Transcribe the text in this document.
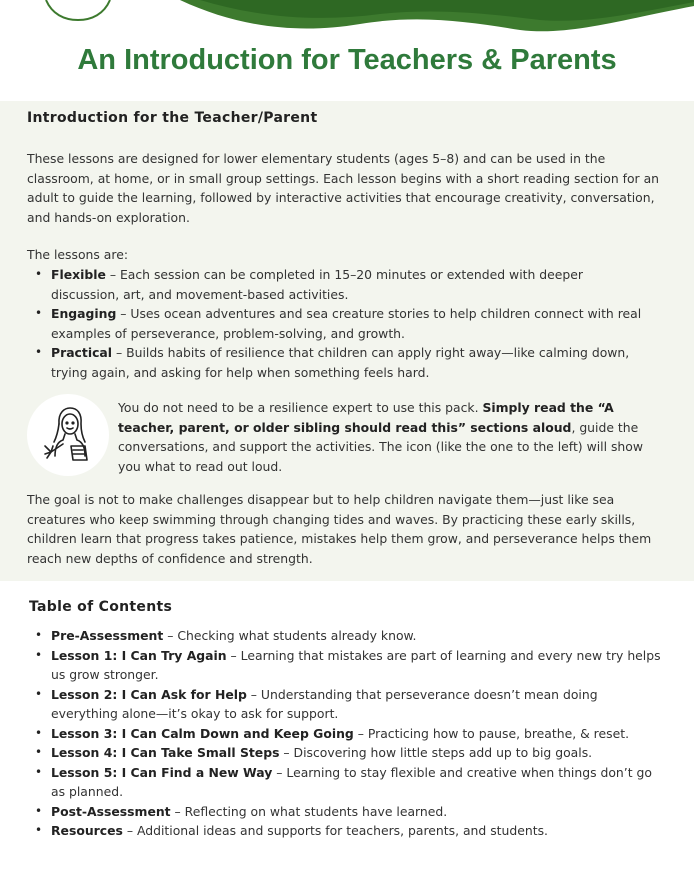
An Introduction for Teachers & Parents
Introduction for the Teacher/Parent

These lessons are designed for lower elementary students (ages 5–8) and can be used in the classroom, at home, or in small group settings. Each lesson begins with a short reading section for an adult to guide the learning, followed by interactive activities that encourage creativity, conversation, and hands-on exploration.

The lessons are:

• Flexible – Each session can be completed in 15–20 minutes or extended with deeper discussion, art, and movement-based activities.
• Engaging – Uses ocean adventures and sea creature stories to help children connect with real examples of perseverance, problem-solving, and growth.
• Practical – Builds habits of resilience that children can apply right away—like calming down, trying again, and asking for help when something feels hard.

You do not need to be a resilience expert to use this pack. Simply read the “A teacher, parent, or older sibling should read this” sections aloud, guide the conversations, and support the activities. The icon (like the one to the left) will show you what to read out loud.

The goal is not to make challenges disappear but to help children navigate them—just like sea creatures who keep swimming through changing tides and waves. By practicing these early skills, children learn that progress takes patience, mistakes help them grow, and perseverance helps them reach new depths of confidence and strength.

Table of Contents
• Pre-Assessment – Checking what students already know.
• Lesson 1: I Can Try Again – Learning that mistakes are part of learning and every new try helps us grow stronger.
• Lesson 2: I Can Ask for Help – Understanding that perseverance doesn’t mean doing everything alone—it’s okay to ask for support.
• Lesson 3: I Can Calm Down and Keep Going – Practicing how to pause, breathe, & reset.
• Lesson 4: I Can Take Small Steps – Discovering how little steps add up to big goals.
• Lesson 5: I Can Find a New Way – Learning to stay flexible and creative when things don’t go as planned.
• Post-Assessment – Reflecting on what students have learned.
• Resources – Additional ideas and supports for teachers, parents, and students.
